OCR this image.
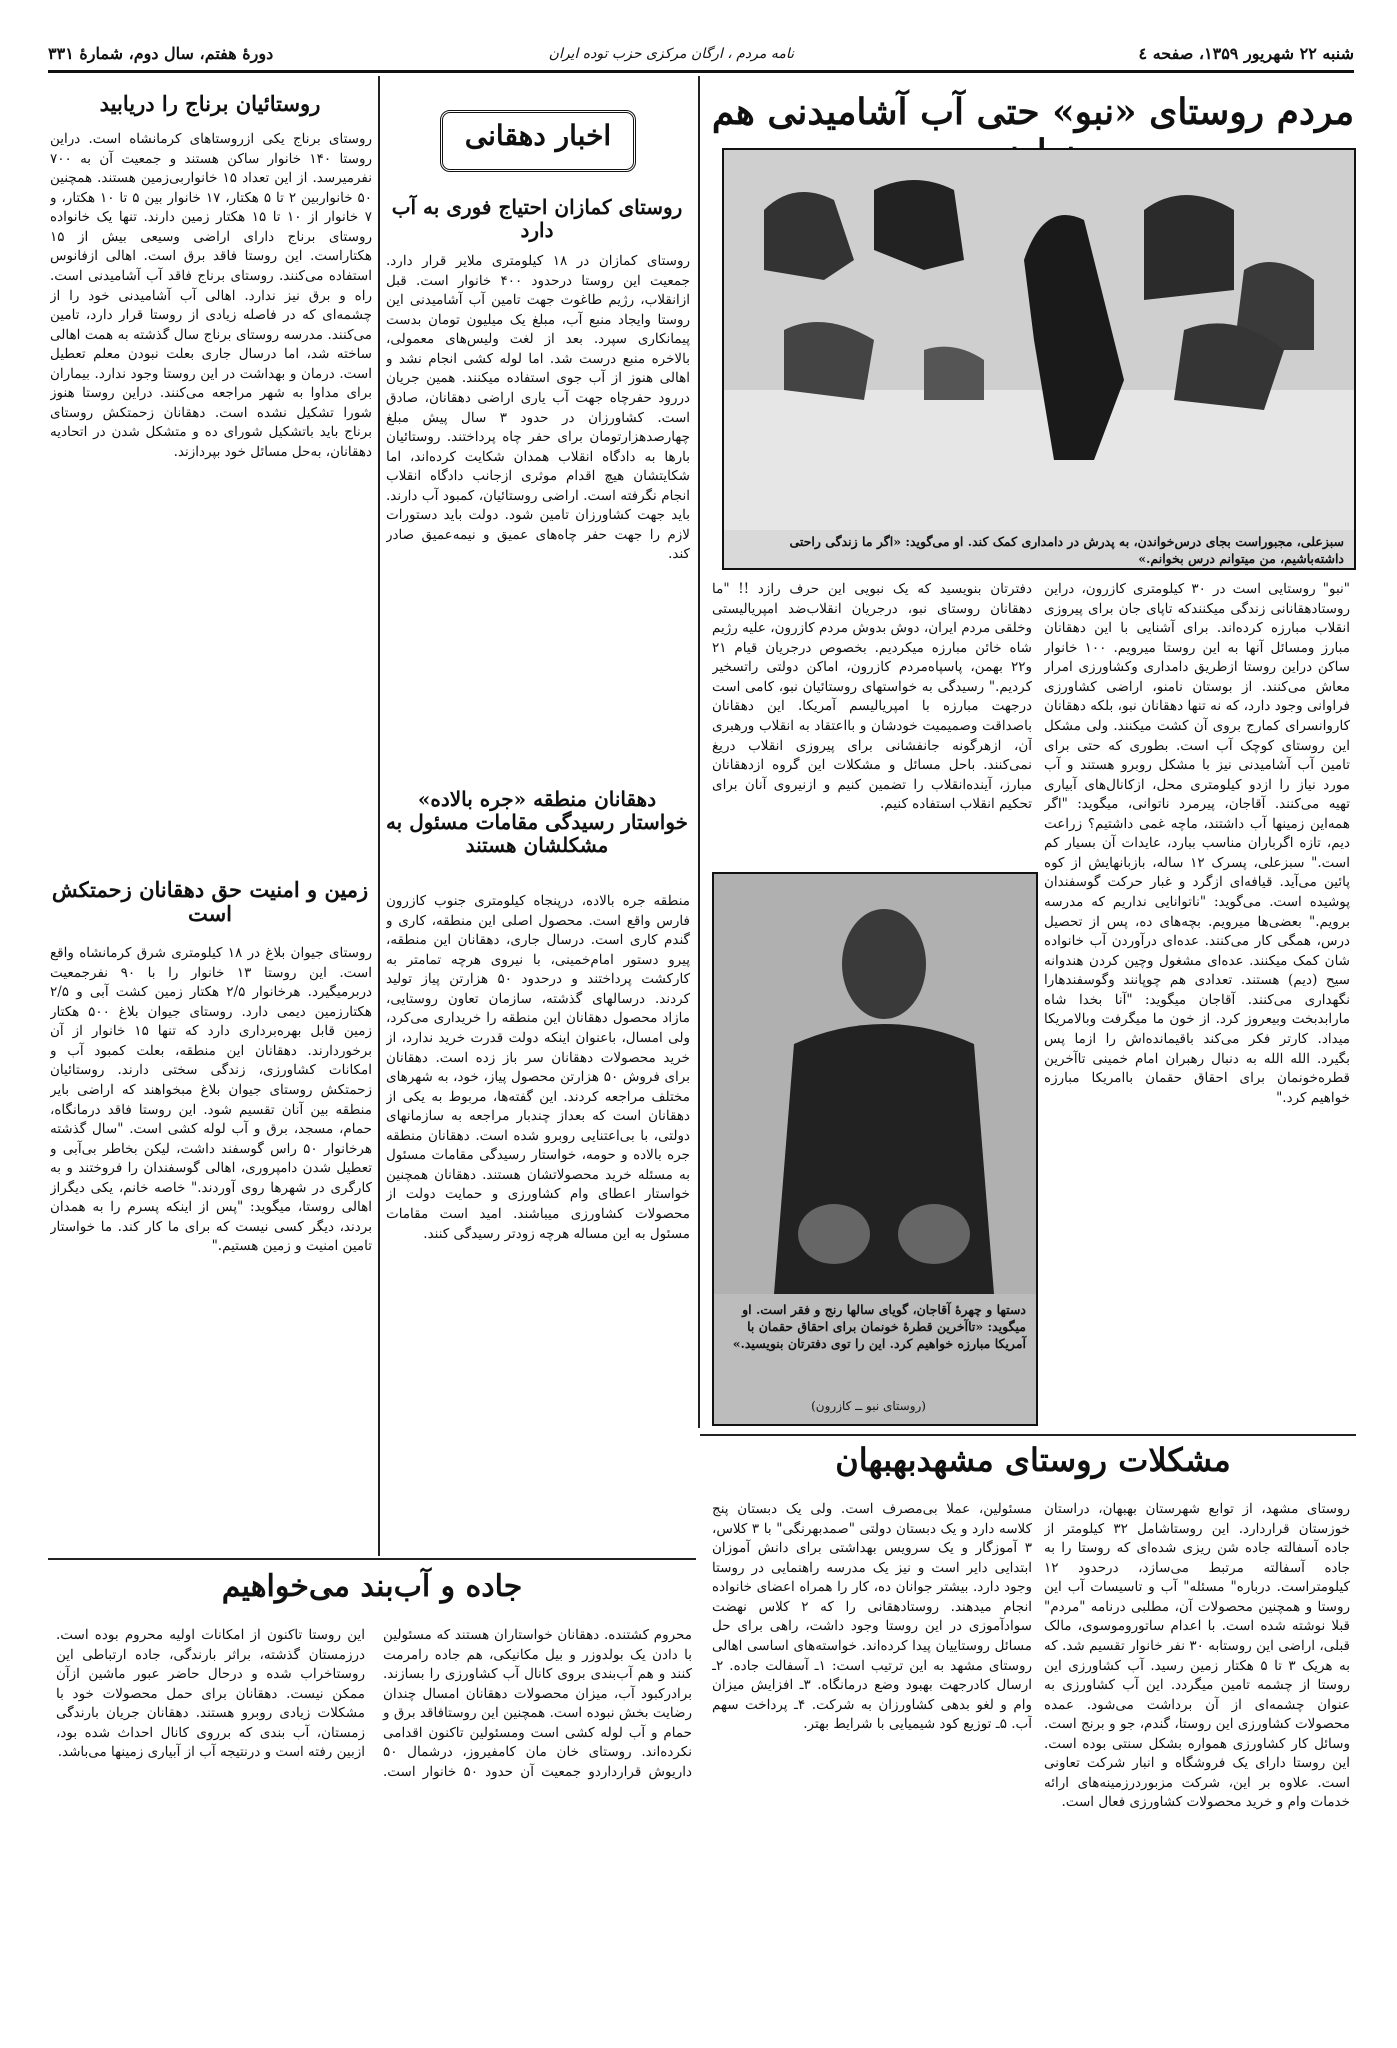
شنبه ۲۲ شهریور ۱۳۵۹، صفحه ٤
نامه مردم ، ارگان مرکزی حزب توده ایران
دورهٔ هفتم، سال دوم، شمارهٔ ۳۳۱
مردم روستای «نبو» حتی آب آشامیدنی هم
سبزعلی، مجبوراست بجای درس‌خواندن، به پدرش در دامداری کمک کند. او می‌گوید: «اگر ما زندگی راحتی داشته‌باشیم، من میتوانم درس بخوانم.»
"نبو" روستایی است در ۳۰ کیلومتری کازرون، دراین روستادهقانانی زندگی میکنندکه تاپای جان برای پیروزی انقلاب مبارزه کرده‌اند. برای آشنایی با این دهقانان مبارز ومسائل آنها به این روستا میرویم. ۱۰۰ خانوار ساکن دراین روستا ازطریق دامداری وکشاورزی امرار معاش می‌کنند. از بوستان نامنو، اراضی کشاورزی فراوانی وجود دارد، که نه تنها دهقانان نبو، بلکه دهقانان کاروانسرای کمارج بروی آن کشت میکنند. ولی مشکل این روستای کوچک آب است. بطوری که حتی برای تامین آب آشامیدنی نیز با مشکل روبرو هستند و آب مورد نیاز را ازدو کیلومتری محل، ازکانال‌های آبیاری تهیه می‌کنند. آقاجان، پیرمرد ناتوانی، میگوید: "اگر همه‌این زمینها آب داشتند، ماچه غمی داشتیم؟ زراعت دیم، تازه اگرباران مناسب ببارد، عایدات آن بسیار کم است." سبزعلی، پسرک ۱۲ ساله، بازبانهایش از کوه پائین می‌آید. قیافه‌ای ازگرد و غبار حرکت گوسفندان پوشیده است. می‌گوید: "ناتوانایی نداریم که مدرسه برویم." بعضی‌ها میرویم. بچه‌های ده، پس از تحصیل درس، همگی کار می‌کنند. عده‌ای درآوردن آب خانواده شان کمک میکنند. عده‌ای مشغول وچین کردن هندوانه سیح (دیم) هستند. تعدادی هم چوپانند وگوسفندهارا نگهداری می‌کنند. آقاجان میگوید: "آنا بخدا شاه مارابدبخت وبیعروز کرد. از خون ما میگرفت وبالامریکا میداد. کارتر فکر می‌کند باقیمانده‌اش را ازما پس بگیرد. الله الله به دنبال رهبران امام خمینی تاآخرین قطره‌خونمان برای احقاق حقمان باامریکا مبارزه خواهیم کرد."
دفترتان بنویسید که یک نبویی این حرف رازد !! "ما دهقانان روستای نبو، درجریان انقلاب‌ضد امپریالیستی وخلقی مردم ایران، دوش بدوش مردم کازرون، علیه رژیم شاه خائن مبارزه میکردیم. بخصوص درجریان قیام ۲۱ و۲۲ بهمن، پاسپاه‌مردم کازرون، اماکن دولتی راتسخیر کردیم." رسیدگی به خواستهای روستائیان نبو، کامی است درجهت مبارزه با امپریالیسم آمریکا. این دهقانان باصداقت وصمیمیت خودشان و بااعتقاد به انقلاب ورهبری آن، ازهرگونه جانفشانی برای پیروزی انقلاب دریغ نمی‌کنند. باحل مسائل و مشکلات این گروه ازدهقانان مبارز، آینده‌انقلاب را تضمین کنیم و ازنیروی آنان برای تحکیم انقلاب استفاده کنیم.
دستها و چهرهٔ آقاجان، گویای سالها رنج و فقر است. او میگوید: «تاآخرین قطرهٔ خونمان برای احقاق حقمان با آمریکا مبارزه خواهیم کرد. این را توی دفترتان بنویسید.»
(روستای نبو ــ کازرون)
مشکلات روستای مشهدبهبهان
روستای مشهد، از توابع شهرستان بهبهان، دراستان خوزستان قراردارد. این روستاشامل ۳۲ کیلومتر از جاده آسفالته جاده شن ریزی شده‌ای که روستا را به جاده آسفالته مرتبط می‌سازد، درحدود ۱۲ کیلومتراست. درباره" مسئله" آب و تاسیسات آب این روستا و همچنین محصولات آن، مطلبی درنامه "مردم" قبلا نوشته شده است. با اعدام ساتوروموسوی، مالک قبلی، اراضی این روستابه ۳۰ نفر خانوار تقسیم شد. که به هریک ۳ تا ۵ هکتار زمین رسید. آب کشاورزی این روستا از چشمه تامین میگردد. این آب کشاورزی به عنوان چشمه‌ای از آن برداشت می‌شود. عمده محصولات کشاورزی این روستا، گندم، جو و برنج است. وسائل کار کشاورزی همواره بشکل سنتی بوده است. این روستا دارای یک فروشگاه و انبار شرکت تعاونی است. علاوه بر این، شرکت مزبوردرزمینه‌های ارائه خدمات وام و خرید محصولات کشاورزی فعال است.
مسئولین، عملا بی‌مصرف است. ولی یک دبستان پنج کلاسه دارد و یک دبستان دولتی "صمدبهرنگی" با ۳ کلاس، ۳ آموزگار و یک سرویس بهداشتی برای دانش آموزان ابتدایی دایر است و نیز یک مدرسه راهنمایی در روستا وجود دارد. بیشتر جوانان ده، کار را همراه اعضای خانواده انجام میدهند. روستادهقانی را که ۲ کلاس نهضت سوادآموزی در این روستا وجود داشت، راهی برای حل مسائل روستاییان پیدا کرده‌اند. خواسته‌های اساسی اهالی روستای مشهد به این ترتیب است: ۱ـ آسفالت جاده. ۲ـ ارسال کادرجهت بهبود وضع درمانگاه. ۳ـ افزایش میزان وام و لغو بدهی کشاورزان به شرکت. ۴ـ پرداخت سهم آب. ۵ـ توزیع کود شیمیایی با شرایط بهتر.
اخبار دهقانی
روستای کمازان احتیاج فوری به آب دارد
روستای کمازان در ۱۸ کیلومتری ملایر قرار دارد. جمعیت این روستا درحدود ۴۰۰ خانوار است. قبل ازانقلاب، رژیم طاغوت جهت تامین آب آشامیدنی این روستا وایجاد منبع آب، مبلغ یک میلیون تومان بدست پیمانکاری سپرد. بعد از لغت ولیس‌های معمولی، بالاخره منبع درست شد. اما لوله کشی انجام نشد و اهالی هنوز از آب جوی استفاده میکنند. همین جریان دررود حفرچاه جهت آب یاری اراضی دهقانان، صادق است. کشاورزان در حدود ۳ سال پیش مبلغ چهارصدهزارتومان برای حفر چاه پرداختند. روستائیان بارها به دادگاه انقلاب همدان شکایت کرده‌اند، اما شکایتشان هیچ اقدام موثری ازجانب دادگاه انقلاب انجام نگرفته است. اراضی روستائیان، کمبود آب دارند. باید جهت کشاورزان تامین شود. دولت باید دستورات لازم را جهت حفر چاه‌های عمیق و نیمه‌عمیق صادر کند.
دهقانان منطقه «جره بالاده» خواستار رسیدگی مقامات مسئول به مشکلشان هستند
منطقه جره بالاده، درپنجاه کیلومتری جنوب کازرون فارس واقع است. محصول اصلی این منطقه، کاری و گندم کاری است. درسال جاری، دهقانان این منطقه، پیرو دستور امام‌خمینی، با نیروی هرچه تمامتر به کارکشت پرداختند و درحدود ۵۰ هزارتن پیاز تولید کردند. درسالهای گذشته، سازمان تعاون روستایی، مازاد محصول دهقانان این منطقه را خریداری می‌کرد، ولی امسال، باعنوان اینکه دولت قدرت خرید ندارد، از خرید محصولات دهقانان سر باز زده است. دهقانان برای فروش ۵۰ هزارتن محصول پیاز، خود، به شهرهای مختلف مراجعه کردند. این گفته‌ها، مربوط به یکی از دهقانان است که بعداز چندبار مراجعه به سازمانهای دولتی، با بی‌اعتنایی روبرو شده است. دهقانان منطقه جره بالاده و حومه، خواستار رسیدگی مقامات مسئول به مسئله خرید محصولاتشان هستند. دهقانان همچنین خواستار اعطای وام کشاورزی و حمایت دولت از محصولات کشاورزی میباشند. امید است مقامات مسئول به این مساله هرچه زودتر رسیدگی کنند.
روستائیان برناج را دریابید
روستای برناج یکی ازروستاهای کرمانشاه است. دراین روستا ۱۴۰ خانوار ساکن هستند و جمعیت آن به ۷۰۰ نفرمیرسد. از این تعداد ۱۵ خانواربی‌زمین هستند. همچنین ۵۰ خانواربین ۲ تا ۵ هکتار، ۱۷ خانوار بین ۵ تا ۱۰ هکتار، و ۷ خانوار از ۱۰ تا ۱۵ هکتار زمین دارند. تنها یک خانواده روستای برناج دارای اراضی وسیعی بیش از ۱۵ هکتاراست. این روستا فاقد برق است. اهالی ازفانوس استفاده می‌کنند. روستای برناج فاقد آب آشامیدنی است. راه و برق نیز ندارد. اهالی آب آشامیدنی خود را از چشمه‌ای که در فاصله زیادی از روستا قرار دارد، تامین می‌کنند. مدرسه روستای برناج سال گذشته به همت اهالی ساخته شد، اما درسال جاری بعلت نبودن معلم تعطیل است. درمان و بهداشت در این روستا وجود ندارد. بیماران برای مداوا به شهر مراجعه می‌کنند. دراین روستا هنوز شورا تشکیل نشده است. دهقانان زحمتکش روستای برناج باید باتشکیل شورای ده و متشکل شدن در اتحادیه دهقانان، به‌حل مسائل خود بپردازند.
زمین و امنیت حق دهقانان زحمتکش است
روستای جیوان بلاغ در ۱۸ کیلومتری شرق کرمانشاه واقع است. این روستا ۱۳ خانوار را با ۹۰ نفرجمعیت دربرمیگیرد. هرخانوار ۲/۵ هکتار زمین کشت آبی و ۲/۵ هکتارزمین دیمی دارد. روستای جیوان بلاغ ۵۰۰ هکتار زمین قابل بهره‌برداری دارد که تنها ۱۵ خانوار از آن برخوردارند. دهقانان این منطقه، بعلت کمبود آب و امکانات کشاورزی، زندگی سختی دارند. روستائیان زحمتکش روستای جیوان بلاغ مبخواهند که اراضی بایر منطقه بین آنان تقسیم شود. این روستا فاقد درمانگاه، حمام، مسجد، برق و آب لوله کشی است. "سال گذشته هرخانوار ۵۰ راس گوسفند داشت، لیکن بخاطر بی‌آبی و تعطیل شدن دامپروری، اهالی گوسفندان را فروختند و به کارگری در شهرها روی آوردند." خاصه خانم، یکی دیگراز اهالی روستا، میگوید: "پس از اینکه پسرم را به همدان بردند، دیگر کسی نیست که برای ما کار کند. ما خواستار تامین امنیت و زمین هستیم."
جاده و آب‌بند می‌خواهیم
محروم کشتنده. دهقانان خواستاران هستند که مسئولین با دادن یک بولدوزر و بیل مکانیکی، هم جاده رامرمت کنند و هم آب‌بندی بروی کانال آب کشاورزی را بسازند. برادرکبود آب، میزان محصولات دهقانان امسال چندان رضایت بخش نبوده است. همچنین این روستافاقد برق و حمام و آب لوله کشی است ومسئولین تاکنون اقدامی نکرده‌اند. روستای خان مان کامفیروز، درشمال ۵۰ داریوش قرارداردو جمعیت آن حدود ۵۰ خانوار است. این روستا تاکنون از امکانات اولیه محروم بوده است. درزمستان گذشته، براثر بارندگی، جاده ارتباطی این روستاخراب شده و درحال حاضر عبور ماشین ازآن ممکن نیست. دهقانان برای حمل محصولات خود با مشکلات زیادی روبرو هستند. دهقانان جریان بارندگی زمستان، آب بندی که برروی کانال احداث شده بود، ازبین رفته است و درنتیجه آب از آبیاری زمینها می‌باشد.
